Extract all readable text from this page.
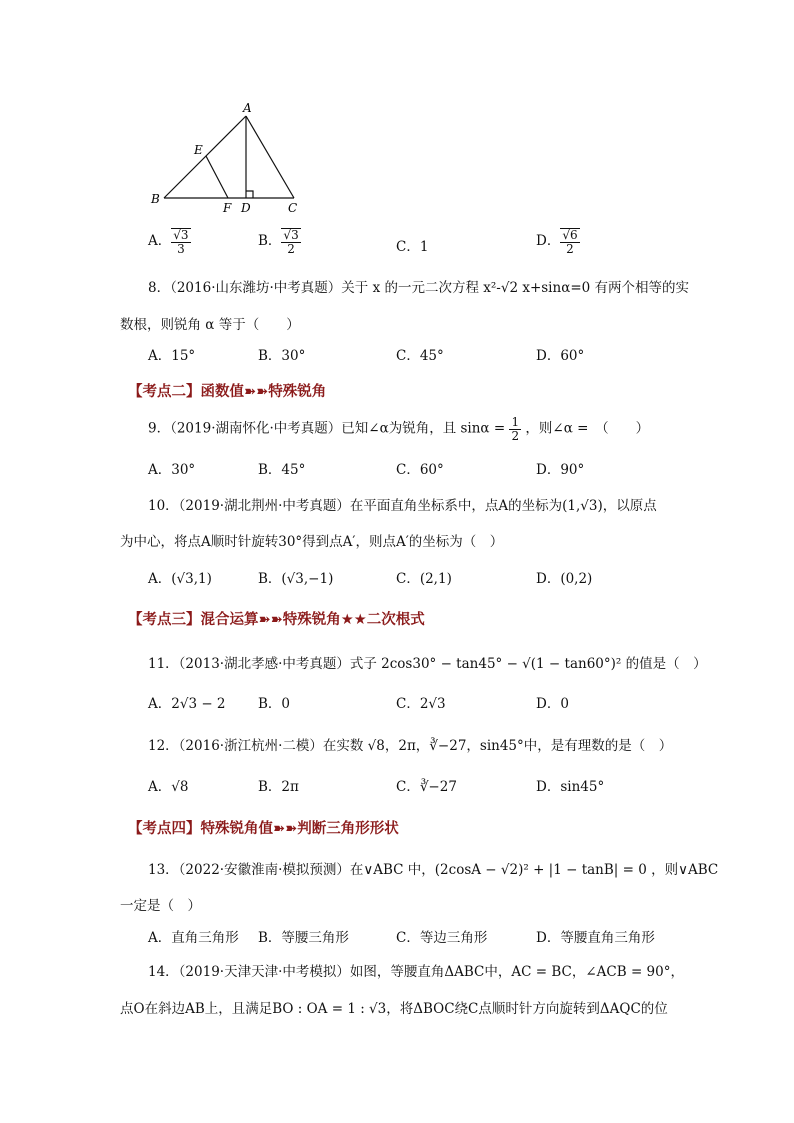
A
E
B
F D	C
A． $\frac{√3}{3}$	B． $\frac{√3}{2}$	C．1	D． $\frac{√6}{2}$
8．（2016·山东潍坊·中考真题）关于 x 的一元二次方程 x²-√2 x+sinα=0 有两个相等的实
数根，则锐角 α 等于（　　）
A．15°	B．30°	C．45°	D．60°
【考点二】函数值➽➽特殊锐角
9．（2019·湖南怀化·中考真题）已知∠α为锐角，且 $\sin\alpha = \frac{1}{2}$ ，则∠α =　（　　）
A．30°	B．45°	C．60°	D．90°
10．（2019·湖北荆州·中考真题）在平面直角坐标系中，点A的坐标为(1,√3)，以原点
为中心，将点A顺时针旋转30°得到点A′，则点A′的坐标为（　）
A．(√3,1)	B．(√3,−1)	C．(2,1)	D．(0,2)
【考点三】混合运算➽➽特殊锐角★★二次根式
11．（2013·湖北孝感·中考真题）式子 2cos30° − tan45° − √(1 − tan60°)² 的值是（　）
A．2√3 − 2 B．0	C．2√3	D．0
12．（2016·浙江杭州·二模）在实数 √8，2π，∛−27，sin45°中，是有理数的是（　）
A．√8	B．2π	C．∛−27	D．sin45°
【考点四】特殊锐角值➽➽判断三角形形状
13．（2022·安徽淮南·模拟预测）在∨ABC 中，(2cosA − √2)² + |1 − tanB| = 0 ，则∨ABC
一定是（　）
A．直角三角形 B．等腰三角形	C．等边三角形	D．等腰直角三角形
14．（2019·天津天津·中考模拟）如图，等腰直角ΔABC中，AC = BC，∠ACB = 90°，
点O在斜边AB上，且满足BO : OA = 1 : √3，将ΔBOC绕C点顺时针方向旋转到ΔAQC的位
